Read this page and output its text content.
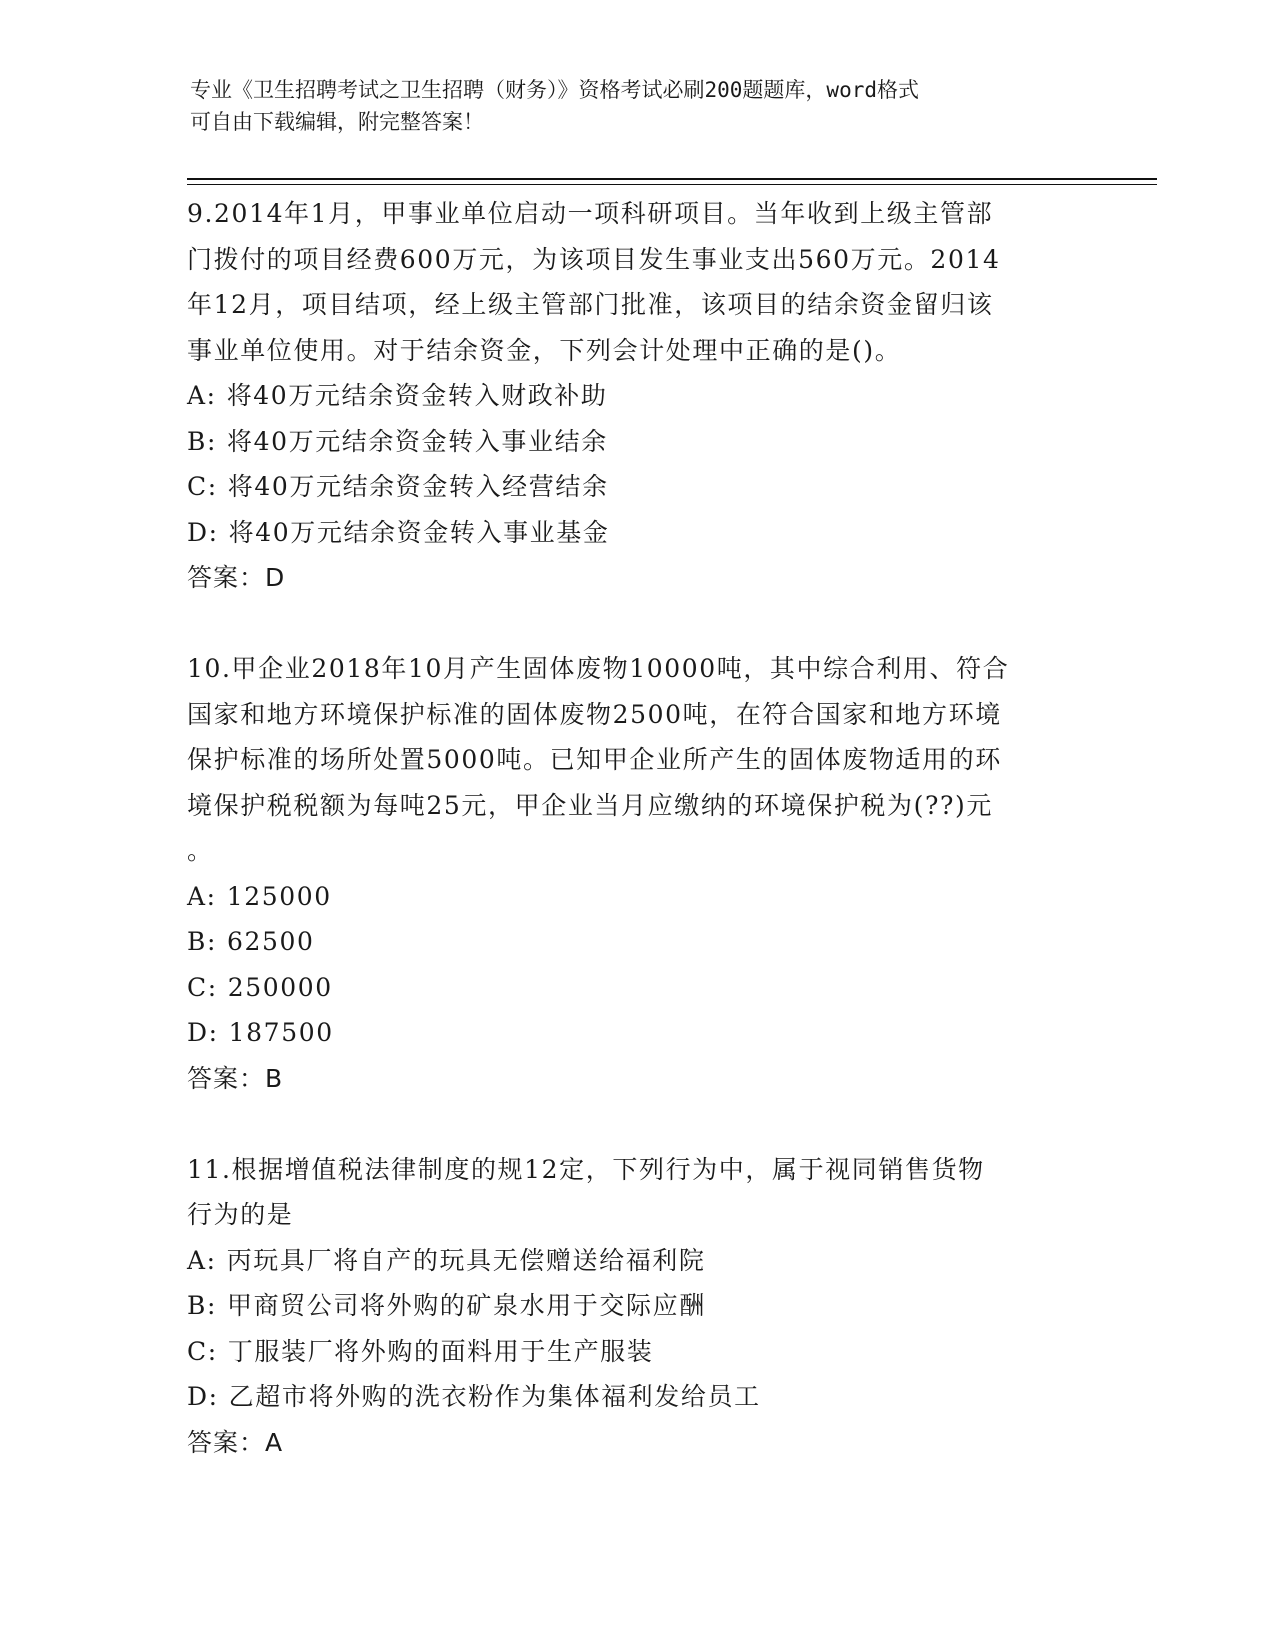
专业《卫生招聘考试之卫生招聘（财务）》资格考试必刷200题题库，word格式
可自由下载编辑，附完整答案！
9.2014年1月，甲事业单位启动一项科研项目。当年收到上级主管部
门拨付的项目经费600万元，为该项目发生事业支出560万元。2014
年12月，项目结项，经上级主管部门批准，该项目的结余资金留归该
事业单位使用。对于结余资金，下列会计处理中正确的是()。
A: 将40万元结余资金转入财政补助
B: 将40万元结余资金转入事业结余
C: 将40万元结余资金转入经营结余
D: 将40万元结余资金转入事业基金
答案：D
10.甲企业2018年10月产生固体废物10000吨，其中综合利用、符合
国家和地方环境保护标准的固体废物2500吨，在符合国家和地方环境
保护标准的场所处置5000吨。已知甲企业所产生的固体废物适用的环
境保护税税额为每吨25元，甲企业当月应缴纳的环境保护税为(??)元
。
A: 125000
B: 62500
C: 250000
D: 187500
答案：B
11.根据增值税法律制度的规12定，下列行为中，属于视同销售货物
行为的是
A: 丙玩具厂将自产的玩具无偿赠送给福利院
B: 甲商贸公司将外购的矿泉水用于交际应酬
C: 丁服装厂将外购的面料用于生产服装
D: 乙超市将外购的洗衣粉作为集体福利发给员工
答案：A
